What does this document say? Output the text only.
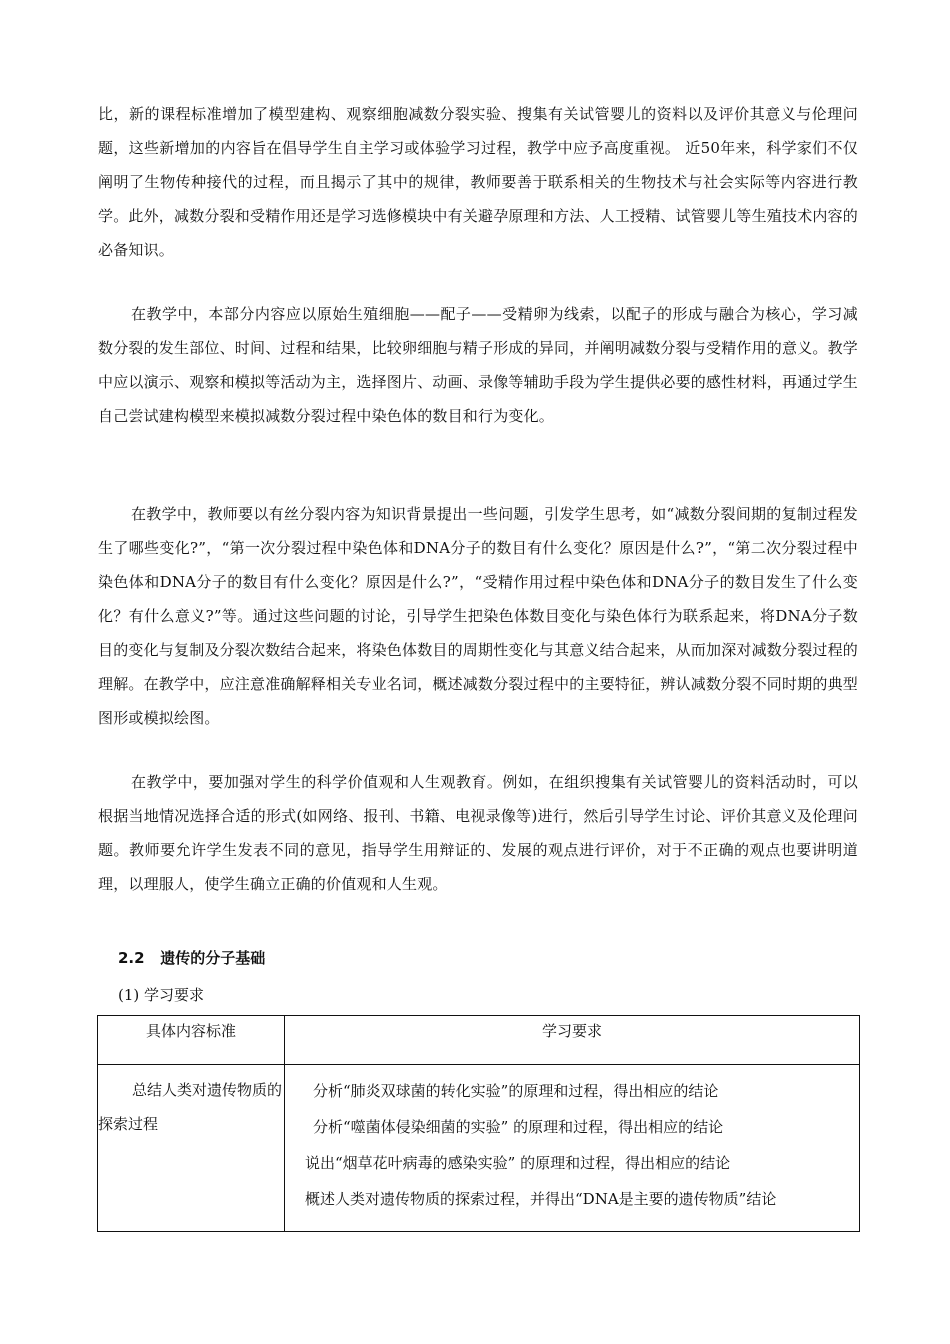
比，新的课程标准增加了模型建构、观察细胞减数分裂实验、搜集有关试管婴儿的资料以及评价其意义与伦理问题，这些新增加的内容旨在倡导学生自主学习或体验学习过程，教学中应予高度重视。 近50年来，科学家们不仅阐明了生物传种接代的过程，而且揭示了其中的规律，教师要善于联系相关的生物技术与社会实际等内容进行教学。此外，减数分裂和受精作用还是学习选修模块中有关避孕原理和方法、人工授精、试管婴儿等生殖技术内容的必备知识。

在教学中，本部分内容应以原始生殖细胞——配子——受精卵为线索，以配子的形成与融合为核心，学习减数分裂的发生部位、时间、过程和结果，比较卵细胞与精子形成的异同，并阐明减数分裂与受精作用的意义。教学中应以演示、观察和模拟等活动为主，选择图片、动画、录像等辅助手段为学生提供必要的感性材料，再通过学生自己尝试建构模型来模拟减数分裂过程中染色体的数目和行为变化。

在教学中，教师要以有丝分裂内容为知识背景提出一些问题，引发学生思考，如“减数分裂间期的复制过程发生了哪些变化?”，“第一次分裂过程中染色体和DNA分子的数目有什么变化？原因是什么?”，“第二次分裂过程中染色体和DNA分子的数目有什么变化？原因是什么?”，“受精作用过程中染色体和DNA分子的数目发生了什么变化？有什么意义?”等。通过这些问题的讨论，引导学生把染色体数目变化与染色体行为联系起来，将DNA分子数目的变化与复制及分裂次数结合起来，将染色体数目的周期性变化与其意义结合起来，从而加深对减数分裂过程的理解。在教学中，应注意准确解释相关专业名词，概述减数分裂过程中的主要特征，辨认减数分裂不同时期的典型图形或模拟绘图。

在教学中，要加强对学生的科学价值观和人生观教育。例如，在组织搜集有关试管婴儿的资料活动时，可以根据当地情况选择合适的形式(如网络、报刊、书籍、电视录像等)进行，然后引导学生讨论、评价其意义及伦理问题。教师要允许学生发表不同的意见，指导学生用辩证的、发展的观点进行评价，对于不正确的观点也要讲明道理，以理服人，使学生确立正确的价值观和人生观。

2.2 遗传的分子基础
(1) 学习要求
具体内容标准	学习要求
总结人类对遗传物质的探索过程	分析“肺炎双球菌的转化实验”的原理和过程，得出相应的结论
分析“噬菌体侵染细菌的实验” 的原理和过程，得出相应的结论
说出“烟草花叶病毒的感染实验” 的原理和过程，得出相应的结论
概述人类对遗传物质的探索过程，并得出“DNA是主要的遗传物质”结论
